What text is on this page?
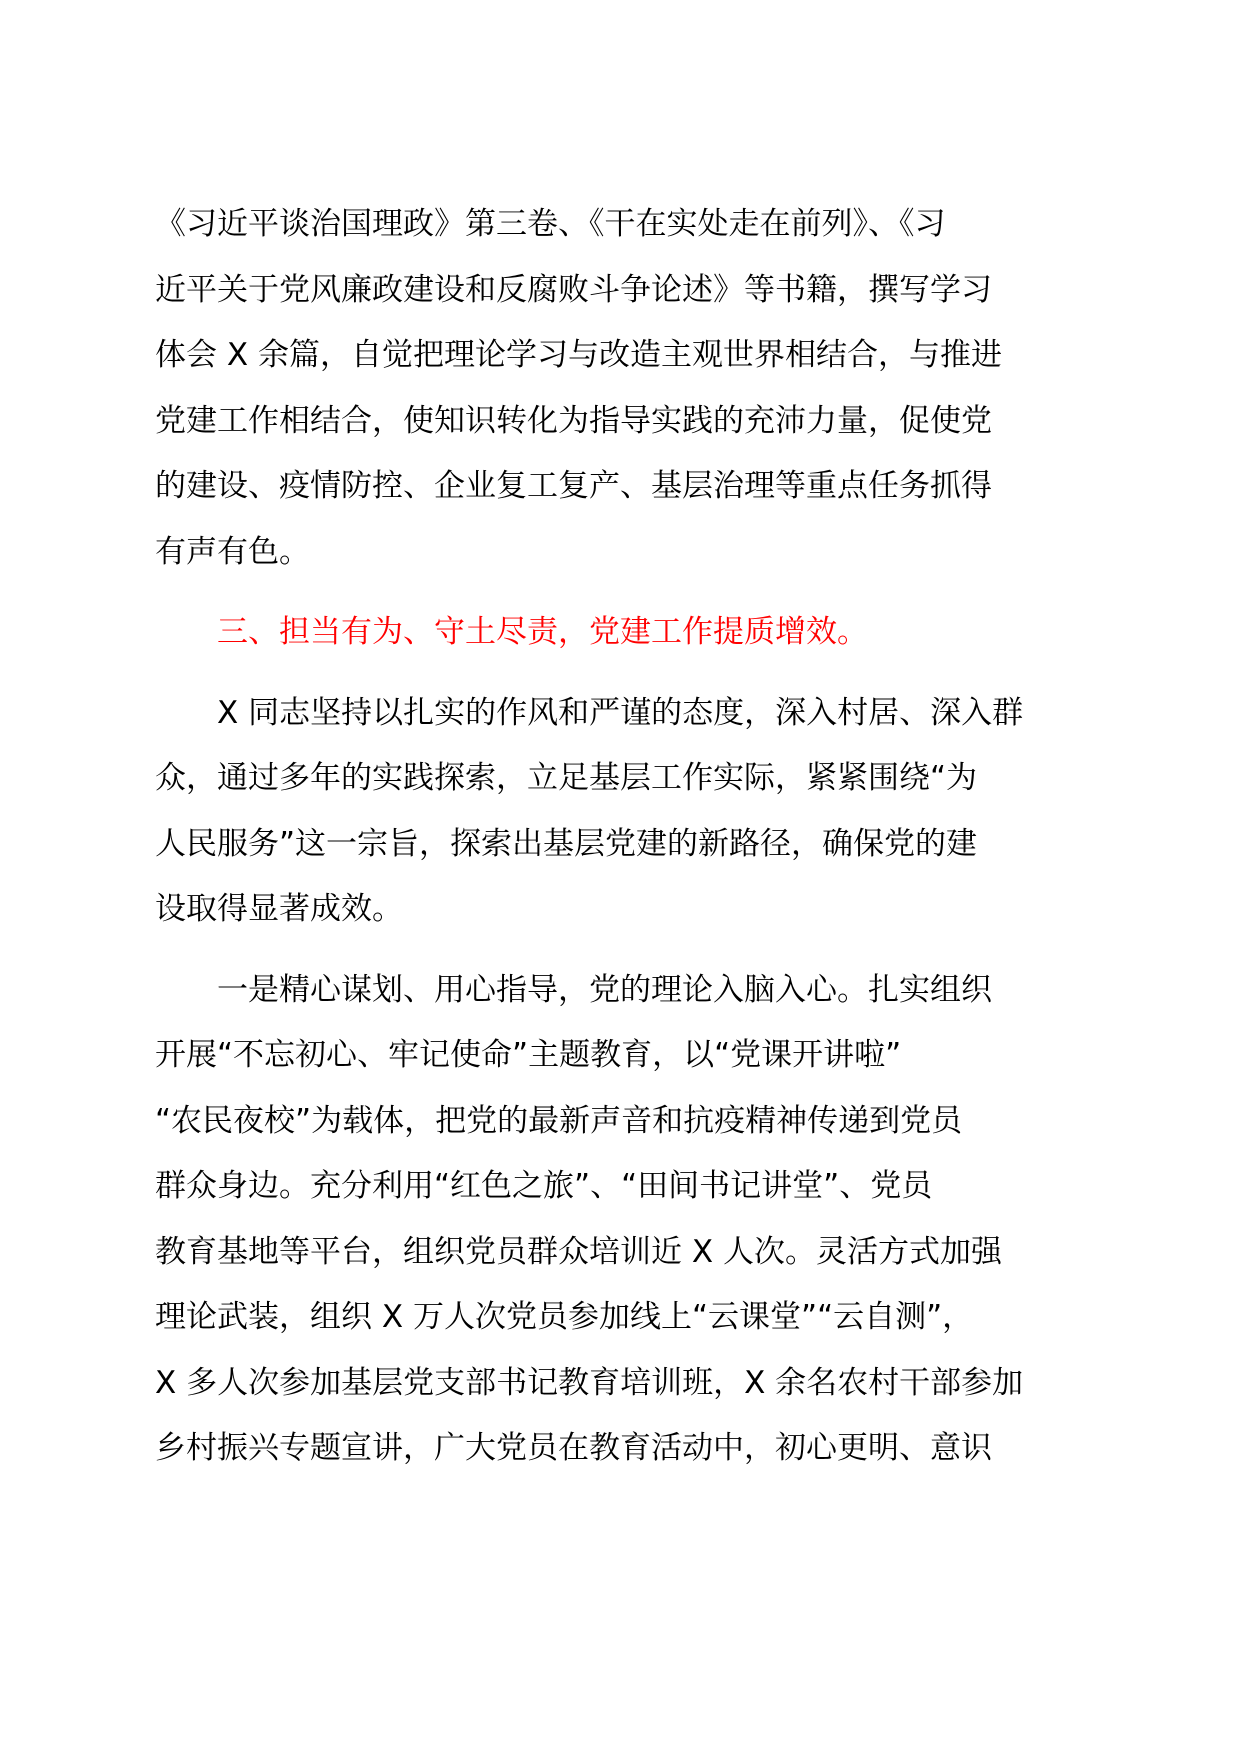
《习近平谈治国理政》第三卷、《干在实处走在前列》、《习
近平关于党风廉政建设和反腐败斗争论述》等书籍，撰写学习
体会 X 余篇，自觉把理论学习与改造主观世界相结合，与推进
党建工作相结合，使知识转化为指导实践的充沛力量，促使党
的建设、疫情防控、企业复工复产、基层治理等重点任务抓得
有声有色。

三、担当有为、守土尽责，党建工作提质增效。

X 同志坚持以扎实的作风和严谨的态度，深入村居、深入群
众，通过多年的实践探索，立足基层工作实际，紧紧围绕“为
人民服务”这一宗旨，探索出基层党建的新路径，确保党的建
设取得显著成效。

一是精心谋划、用心指导，党的理论入脑入心。扎实组织
开展“不忘初心、牢记使命”主题教育，以“党课开讲啦”
“农民夜校”为载体，把党的最新声音和抗疫精神传递到党员
群众身边。充分利用“红色之旅”、“田间书记讲堂”、党员
教育基地等平台，组织党员群众培训近 X 人次。灵活方式加强
理论武装，组织 X 万人次党员参加线上“云课堂”“云自测”，
X 多人次参加基层党支部书记教育培训班，X 余名农村干部参加
乡村振兴专题宣讲，广大党员在教育活动中，初心更明、意识
